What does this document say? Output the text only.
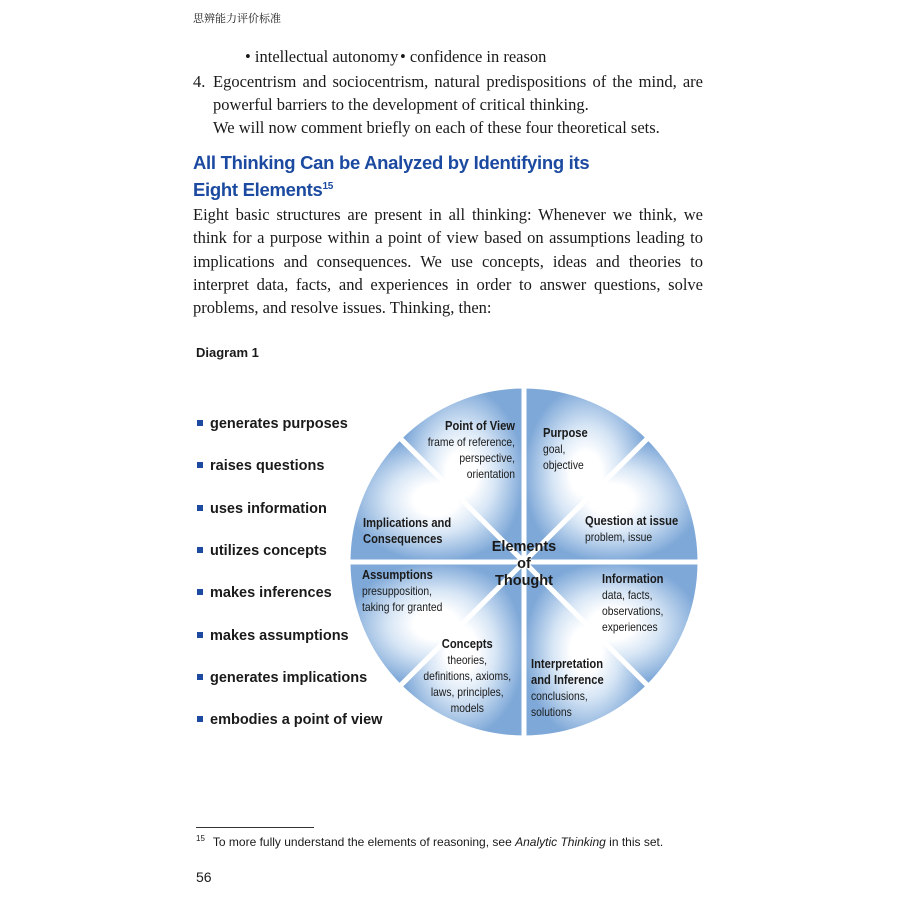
思辨能力评价标准
• intellectual autonomy • confidence in reason
4. Egocentrism and sociocentrism, natural predispositions of the mind, are
powerful barriers to the development of critical thinking.
We will now comment briefly on each of these four theoretical sets.
All Thinking Can be Analyzed by Identifying its
Eight Elements$^{15}$
Eight basic structures are present in all thinking: Whenever we think, we think for a purpose within a point of view based on assumptions leading to implications and consequences. We use concepts, ideas and theories to interpret data, facts, and experiences in order to answer questions, solve problems, and resolve issues. Thinking, then:
Diagram 1
generates purposes
raises questions
uses information
utilizes concepts
makes inferences
makes assumptions
generates implications
embodies a point of view
Point of View
frame of reference,
perspective,
orientation
Purpose
goal,
objective
Question at issue
problem, issue
Information
data, facts,
observations,
experiences
Interpretation
and Inference
conclusions,
solutions
Concepts
theories,
definitions, axioms,
laws, principles,
models
Assumptions
presupposition,
taking for granted
Implications and
Consequences
Elements
of
Thought
$^{15}$ To more fully understand the elements of reasoning, see Analytic Thinking in this set.
56
